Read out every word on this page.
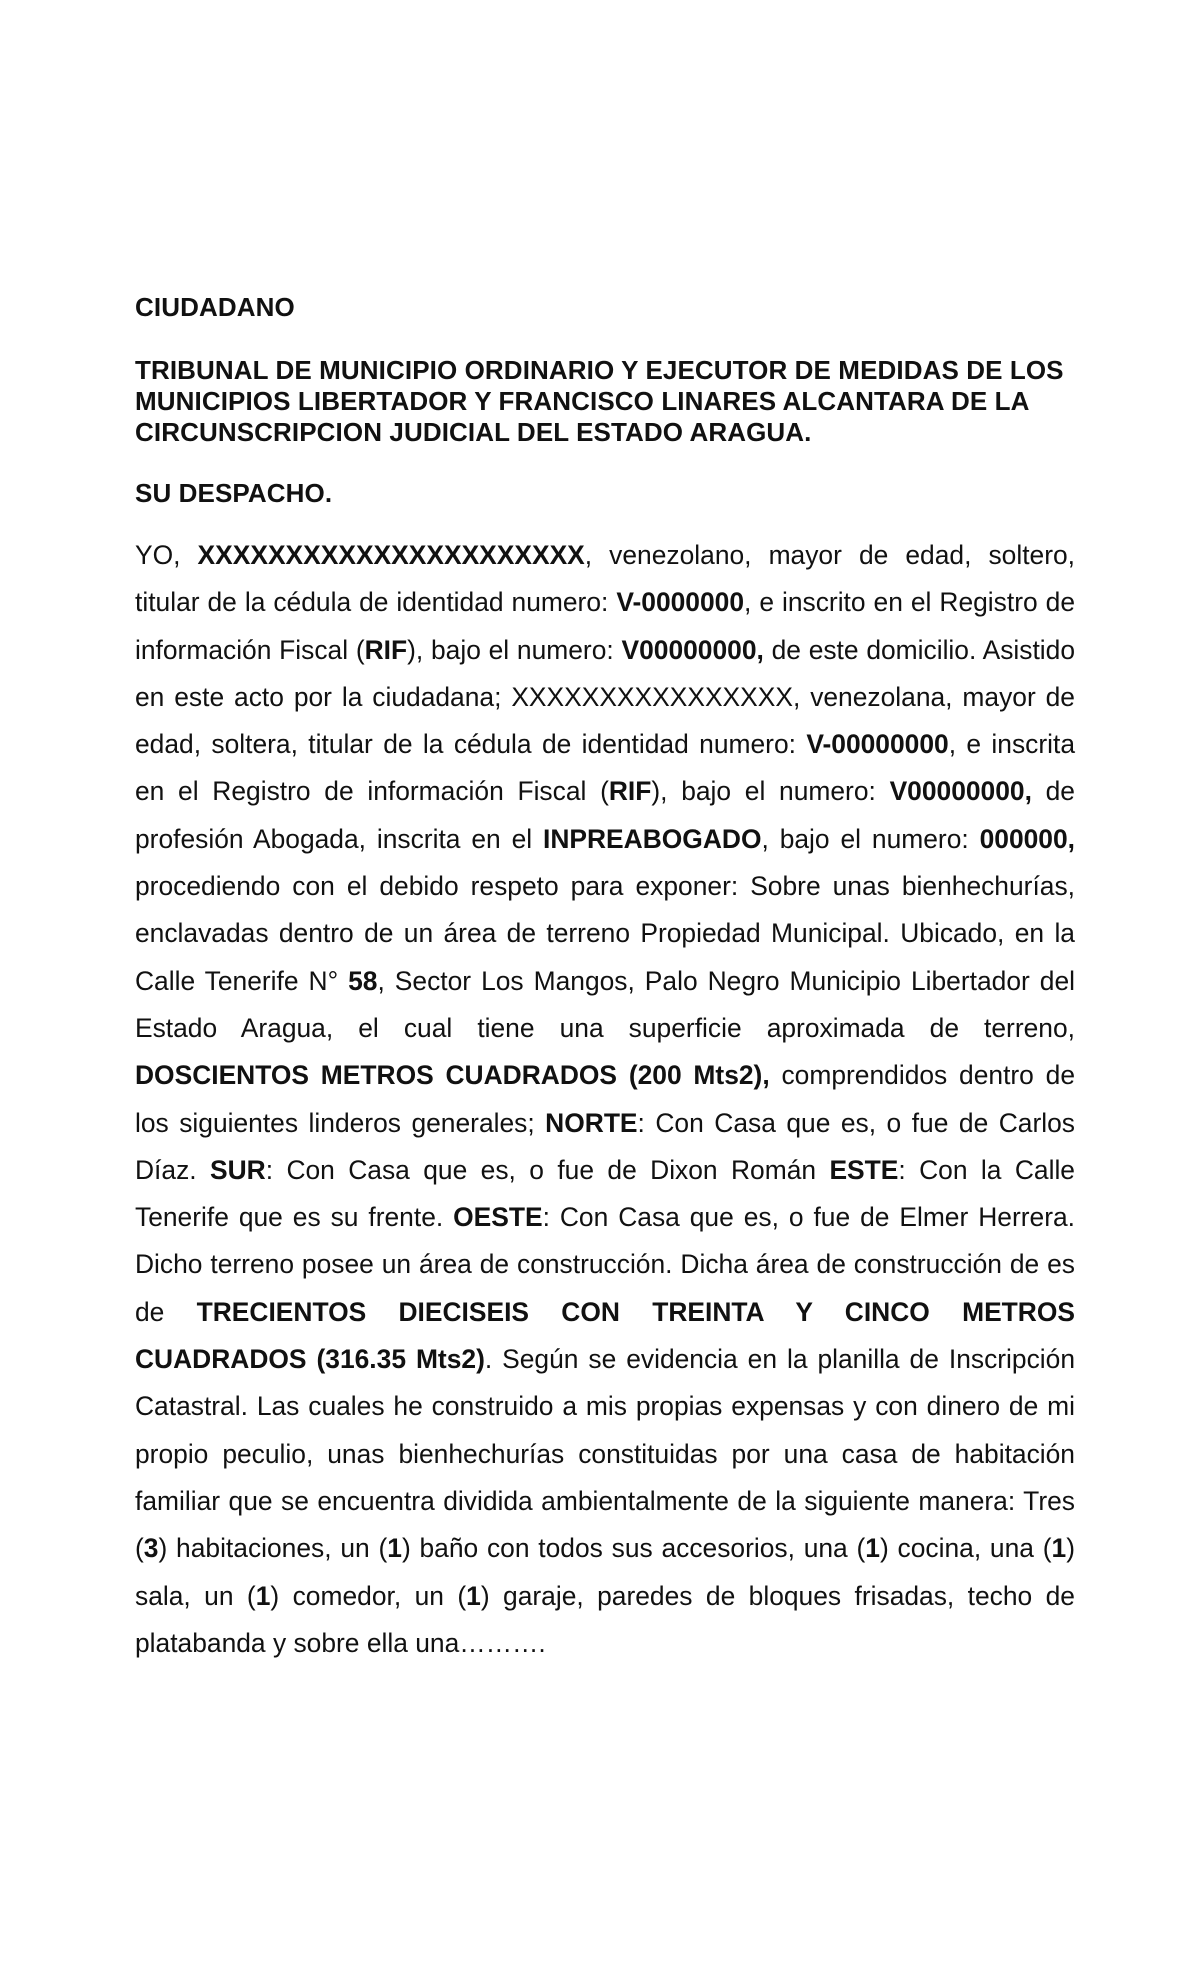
CIUDADANO
TRIBUNAL DE MUNICIPIO ORDINARIO Y EJECUTOR DE MEDIDAS DE LOS MUNICIPIOS LIBERTADOR Y FRANCISCO LINARES ALCANTARA DE LA CIRCUNSCRIPCION JUDICIAL DEL ESTADO ARAGUA.
SU DESPACHO.
YO, XXXXXXXXXXXXXXXXXXXXXX, venezolano, mayor de edad, soltero, titular de la cédula de identidad numero: V-0000000, e inscrito en el Registro de información Fiscal (RIF), bajo el numero: V00000000, de este domicilio. Asistido en este acto por la ciudadana; XXXXXXXXXXXXXXXX, venezolana, mayor de edad, soltera, titular de la cédula de identidad numero: V-00000000, e inscrita en el Registro de información Fiscal (RIF), bajo el numero: V00000000, de profesión Abogada, inscrita en el INPREABOGADO, bajo el numero: 000000, procediendo con el debido respeto para exponer: Sobre unas bienhechurías, enclavadas dentro de un área de terreno Propiedad Municipal. Ubicado, en la Calle Tenerife N° 58, Sector Los Mangos, Palo Negro Municipio Libertador del Estado Aragua, el cual tiene una superficie aproximada de terreno, DOSCIENTOS METROS CUADRADOS (200 Mts2), comprendidos dentro de los siguientes linderos generales; NORTE: Con Casa que es, o fue de Carlos Díaz. SUR: Con Casa que es, o fue de Dixon Román ESTE: Con la Calle Tenerife que es su frente. OESTE: Con Casa que es, o fue de Elmer Herrera. Dicho terreno posee un área de construcción. Dicha área de construcción de es de TRECIENTOS DIECISEIS CON TREINTA Y CINCO METROS CUADRADOS (316.35 Mts2). Según se evidencia en la planilla de Inscripción Catastral. Las cuales he construido a mis propias expensas y con dinero de mi propio peculio, unas bienhechurías constituidas por una casa de habitación familiar que se encuentra dividida ambientalmente de la siguiente manera: Tres (3) habitaciones, un (1) baño con todos sus accesorios, una (1) cocina, una (1) sala, un (1) comedor, un (1) garaje, paredes de bloques frisadas, techo de platabanda y sobre ella una……….
